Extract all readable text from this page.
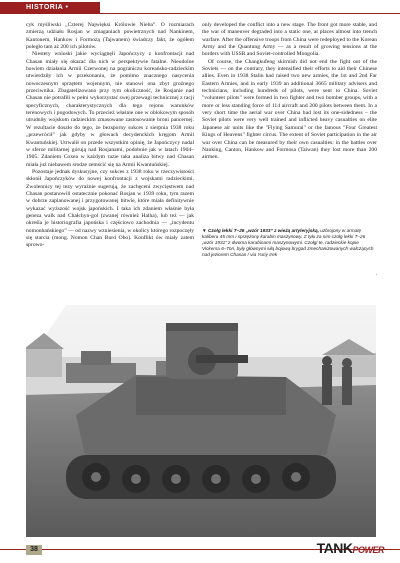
HISTORIA • HISTORY

cyk myśliwski „Czterej Najwięksi Królowie Nieba”. O rozmiarach zmierzą udziału Rosjan w zmaganiach powietrznych nad Nankinem, Kantonem, Hankow i Formozą (Tajwanem) świadczy fakt, że ogółem poległo tam aż 200 ich pilotów.

Niestety wnioski jakie wyciągnęli Japończycy z konfrontacji nad Chasan miały się okazać dla nich w perspektywie fatalne. Nieudolne bowiem działania Armii Czerwonej na pograniczu koreańsko-radzieckim utwierdziły ich w przekonaniu, że pomimo znacznego nasycenia nowoczesnym sprzętem wojennym, nie stanowi ona zbyt groźnego przeciwnika. Zbagatelizowano przy tym okoliczność, że Rosjanie nad Chasan nie potrafili w pełni wykorzystać swej przewagi technicznej z racji specyficznych, charakterystycznych dla tego rejonu warunków terenowych i pogodowych. To przecież właśnie one w oblokowym sposób utrudniły wojskom radzieckim zmasowane zastosowanie broni pancernej. W rezultacie doszło do tego, że bezsporny sukces z sierpnia 1938 roku „przewrócił” jak gdyby w głowach decydenckich kręgom Armii Kwantuńskiej. Utrwalił on przede wszystkim opinię, że Japończycy nadal w sferze militarnej górują nad Rosjanami, podobnie jak w latach 1904–1905. Zdaniem Coxea w każdym razie taka analiza bitwy nad Chasan miała już niebawem srodze zemścić się na Armii Kwantuńskiej.

Pozostaje jednak dyskusyjne, czy sukces z 1938 roku w rzeczywistości skłonił Japończyków do nowej konfrontacji z wojskami radzieckimi. Zwolennicy tej tezy wyraźnie sugerują, że zachęceni zwycięstwem nad Chasan postanowili ostatecznie pokonać Rosjan w 1939 roku, tym razem w dobrze zaplanowanej i przygotowanej bitwie, które miała definitywnie wykazać wyższość wojsk japońskich. I taka ich zdaniem właśnie była geneza walk nad Chałchyn-gol (zwanej również Halha), lub też — jak określa je historiografia japońska i częściowo zachodnia — „incydentu nomonhańskiego” — od nazwy wzniesienia, w okolicy którego rozpoczęły się starcia (mong. Nomon Chan Burd Obo). Konflikt ów miały zatem sprowo-

only developed the conflict into a new stage. The front got more stable, and the war of maneuver degraded into a static one, at places almost into trench warfare. After the offensive troops from China were redeployed to the Korean Army and the Quantung Army — as a result of growing tensions at the borders with USSR and Soviet-controlled Mongolia.

Of course, the Changkufeng skirmish did not end the fight out of the Soviets — on the contrary, they intensified their efforts to aid their Chinese allies. Even in 1938 Stalin had raised two new armies, the 1st and 2nd Far Eastern Armies, and in early 1939 an additional 3665 military advisers and technicians, including hundreds of pilots, were sent to China. Soviet "volunteer pilots" were formed in two fighter and two bomber groups, with a more or less standing force of 114 aircraft and 200 pilots between them. In a very short time the aerial war over China had lost its one-sidedness – the Soviet pilots were very well trained and inflicted heavy casualties on elite Japanese air units like the "Flying Samurai" or the famous "Four Greatest Kings of Heavens" fighter circus. The extent of Soviet participation in the air war over China can be measured by their own casualties: in the battles over Nanking, Canton, Hankow and Formosa (Taiwan) they lost more than 200 airmen.

▼ Czołg lekki T–26 „wzór 1933” z wieżą artyleryjską, uzbrojony w armatę kaliberu 45 mm i sprzężony karabin maszynowy. Z tyłu za nim czołg lekki T–26 „wzór 1931” z dwoma karabinami maszynowymi. Czołgi te, radzieckie kopie Vickersa 6–Ton, były głównymi siłą bojową brygad zmechanizowanych walczących nad jeziorem Chasan / via Yuriy Irek
38	TANKPOWER
